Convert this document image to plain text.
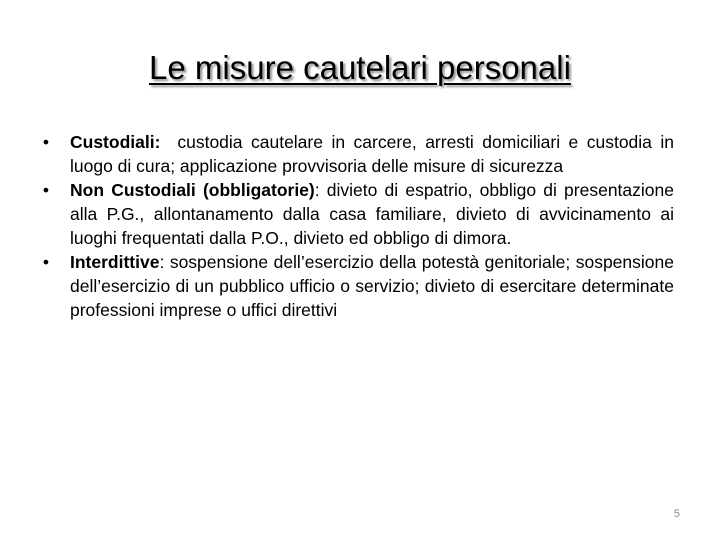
Le misure cautelari personali
• Custodiali:  custodia cautelare in carcere, arresti domiciliari e custodia in luogo di cura; applicazione provvisoria delle misure di sicurezza
• Non Custodiali (obbligatorie): divieto di espatrio, obbligo di presentazione alla P.G., allontanamento dalla casa familiare, divieto di avvicinamento ai luoghi frequentati dalla P.O., divieto ed obbligo di dimora.
• Interdittive: sospensione dell’esercizio della potestà genitoriale; sospensione dell’esercizio di un pubblico ufficio o servizio; divieto di esercitare determinate professioni imprese o uffici direttivi
5
